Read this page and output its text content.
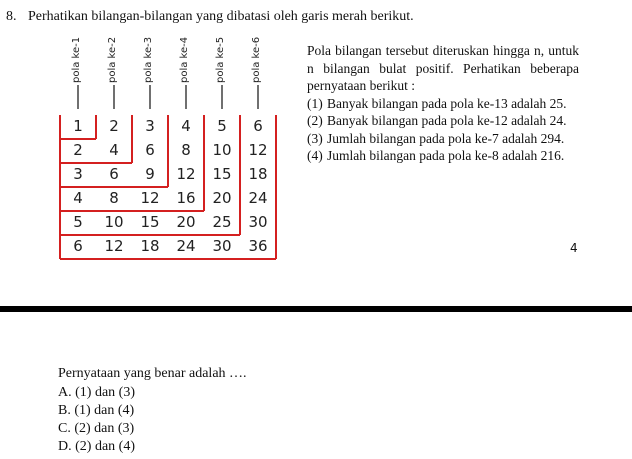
8. Perhatikan bilangan-bilangan yang dibatasi oleh garis merah berikut.
pola ke-1	pola ke-2	pola ke-3	pola ke-4	pola ke-5	pola ke-6
1	2	3	4	5	6
2	4	6	8	10	12
3	6	9	12	15	18
4	8	12	16	20	24
5	10	15	20	25	30
6	12	18	24	30	36

Pola bilangan tersebut diteruskan hingga n, untuk n bilangan bulat positif. Perhatikan beberapa pernyataan berikut :

(1) Banyak bilangan pada pola ke-13 adalah 25.
(2) Banyak bilangan pada pola ke-12 adalah 24.
(3) Jumlah bilangan pada pola ke-7 adalah 294.
(4) Jumlah bilangan pada pola ke-8 adalah 216.
4
Pernyataan yang benar adalah ….
A. (1) dan (3)
B. (1) dan (4)
C. (2) dan (3)
D. (2) dan (4)
